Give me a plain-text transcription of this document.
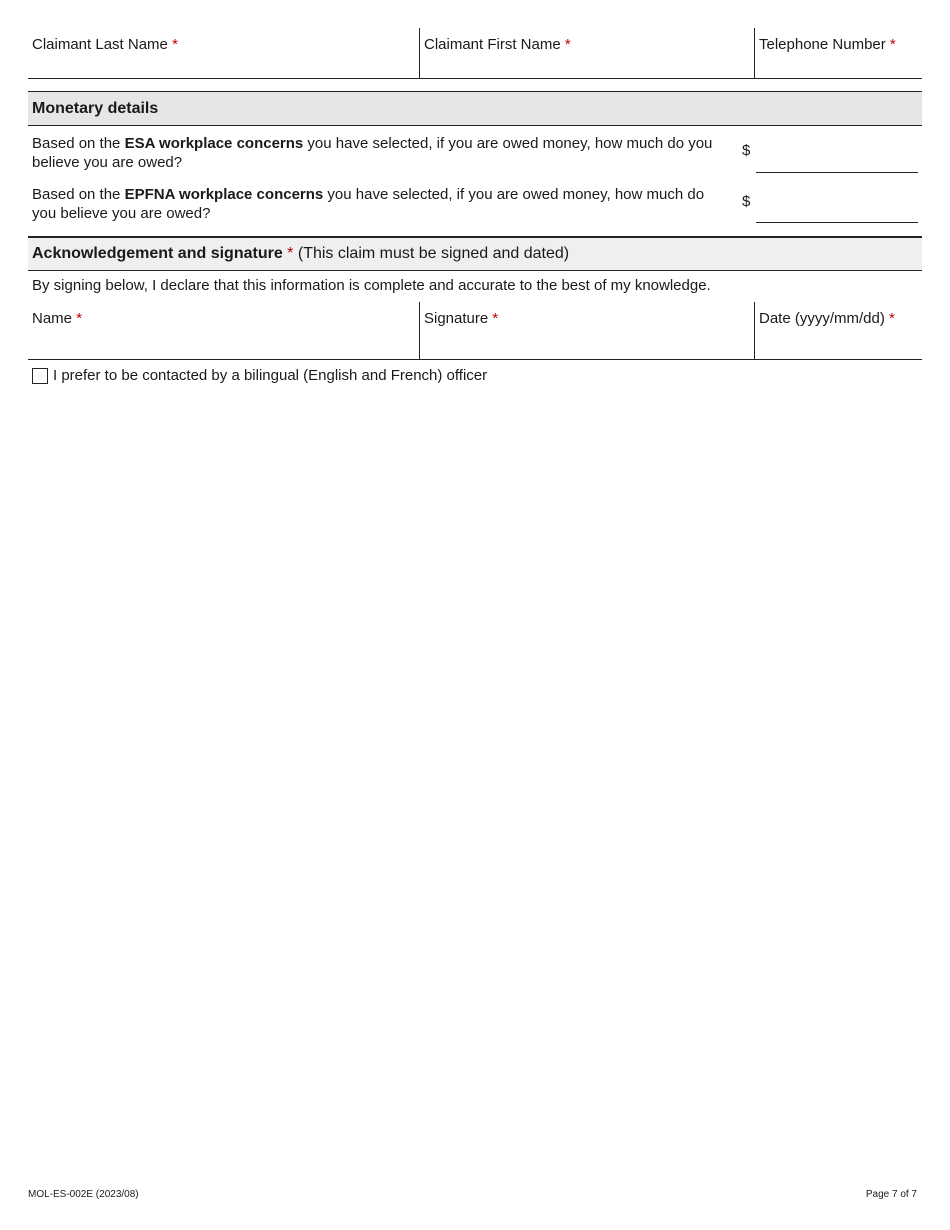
Claimant Last Name *	Claimant First Name *	Telephone Number *
Monetary details
Based on the ESA workplace concerns you have selected, if you are owed money, how much do you believe you are owed?
$
Based on the EPFNA workplace concerns you have selected, if you are owed money, how much do you believe you are owed?
$
Acknowledgement and signature
*
(This claim must be signed and dated)
By signing below, I declare that this information is complete and accurate to the best of my knowledge.
Name *	Signature *	Date (yyyy/mm/dd) *
I prefer to be contacted by a bilingual (English and French) officer
MOL-ES-002E (2023/08)	Page 7 of 7
